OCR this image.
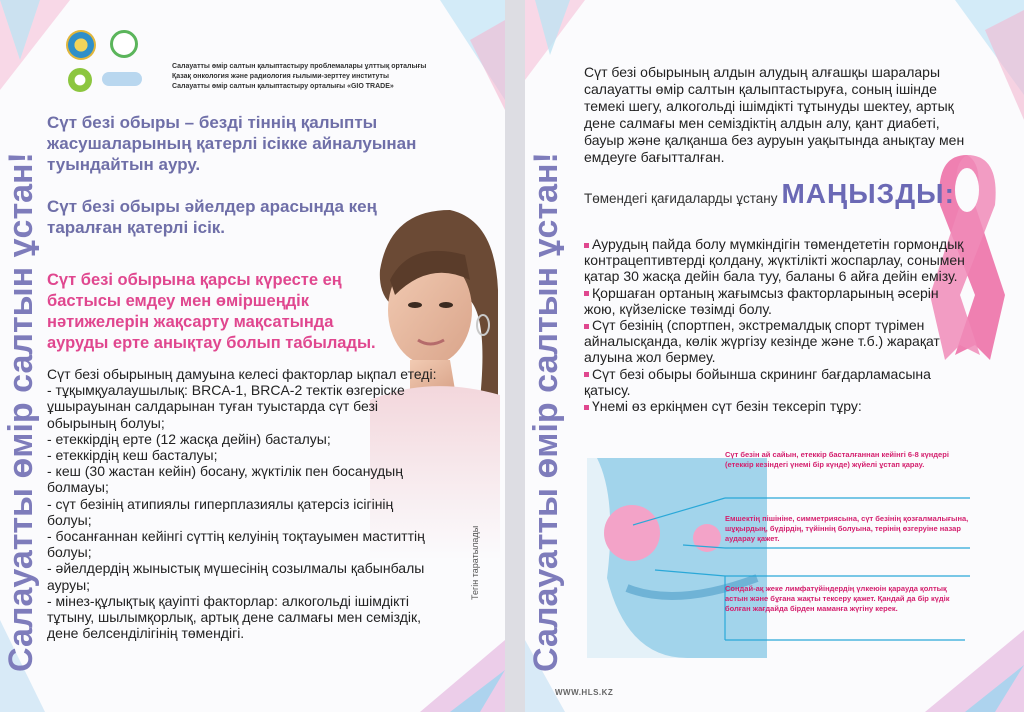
Салауатты өмір салтын ұстан!
Салауатты өмір салтын қалыптастыру проблемалары ұлттық орталығы
Қазақ онкология және радиология ғылыми-зерттеу институты
Салауатты өмір салтын қалыптастыру орталығы «GIO TRADE»
Сүт безі обыры – безді тіннің қалыпты жасушаларының қатерлі ісікке айналуынан туындайтын ауру.
Сүт безі обыры әйелдер арасында кең таралған қатерлі ісік.
Сүт безі обырына қарсы күресте ең бастысы емдеу мен өміршеңдік нәтижелерін жақсарту мақсатында ауруды ерте анықтау болып табылады.
Тегін таратылады

Сүт безі обырының дамуына келесі факторлар ықпал етеді:

- тұқымқуалаушылық: BRCA-1, BRCA-2 тектік өзгеріске ұшырауынан салдарынан туған туыстарда сүт безі обырының болуы;

- етеккірдің ерте (12 жасқа дейін) басталуы;

- етеккірдің кеш басталуы;

- кеш (30 жастан кейін) босану, жүктілік пен босанудың болмауы;

- сүт безінің атипиялы гиперплазиялы қатерсіз ісігінің болуы;

- босанғаннан кейінгі сүттің келуінің тоқтауымен маститтің болуы;

- әйелдердің жыныстық мүшесінің созылмалы қабынбалы ауруы;

- мінез-құлықтық қауіпті факторлар: алкогольді ішімдікті тұтыну, шылымқорлық, артық дене салмағы мен семіздік, дене белсенділігінің төмендігі.	Салауатты өмір салтын ұстан!
Сүт безі обырының алдын алудың алғашқы шаралары салауатты өмір салтын қалыптастыруға, соның ішінде темекі шегу, алкогольді ішімдікті тұтынуды шектеу, артық дене салмағы мен семіздіктің алдын алу, қант диабеті, бауыр және қалқанша без ауруын уақытында анықтау мен емдеуге бағытталған.
Төмендегі қағидаларды ұстану МАҢЫЗДЫ:

Аурудың пайда болу мүмкіндігін төмендететін гормондық контрацептивтерді қолдану, жүктілікті жоспарлау, сонымен қатар 30 жасқа дейін бала туу, баланы 6 айға дейін емізу.

Қоршаған ортаның жағымсыз факторларының әсерін жою, күйзеліске төзімді болу.

Сүт безінің (спортпен, экстремалдық спорт түрімен айналысқанда, көлік жүргізу кезінде және т.б.) жарақат алуына жол бермеу.

Сүт безі обыры бойынша скрининг бағдарламасына қатысу.

Үнемі өз еркіңмен сүт безін тексеріп тұру:

Сүт безін ай сайын, етеккір басталғаннан кейінгі 6-8 күндері (етеккір кезіндегі үнемі бір күнде) жүйелі ұстап қарау.
Емшектің пішініне, симметриясына, сүт безінің қозғалмалығына, шұқырдың, бүдірдің, түйіннің болуына, терінің өзгеруіне назар аударау қажет.
Сондай-ақ жеке лимфатүйіндердің үлкеюін қарауда қолтық астын және бұғана жақты тексеру қажет. Қандай да бір күдік болған жағдайда бірден маманға жүгіну керек.
WWW.HLS.KZ
